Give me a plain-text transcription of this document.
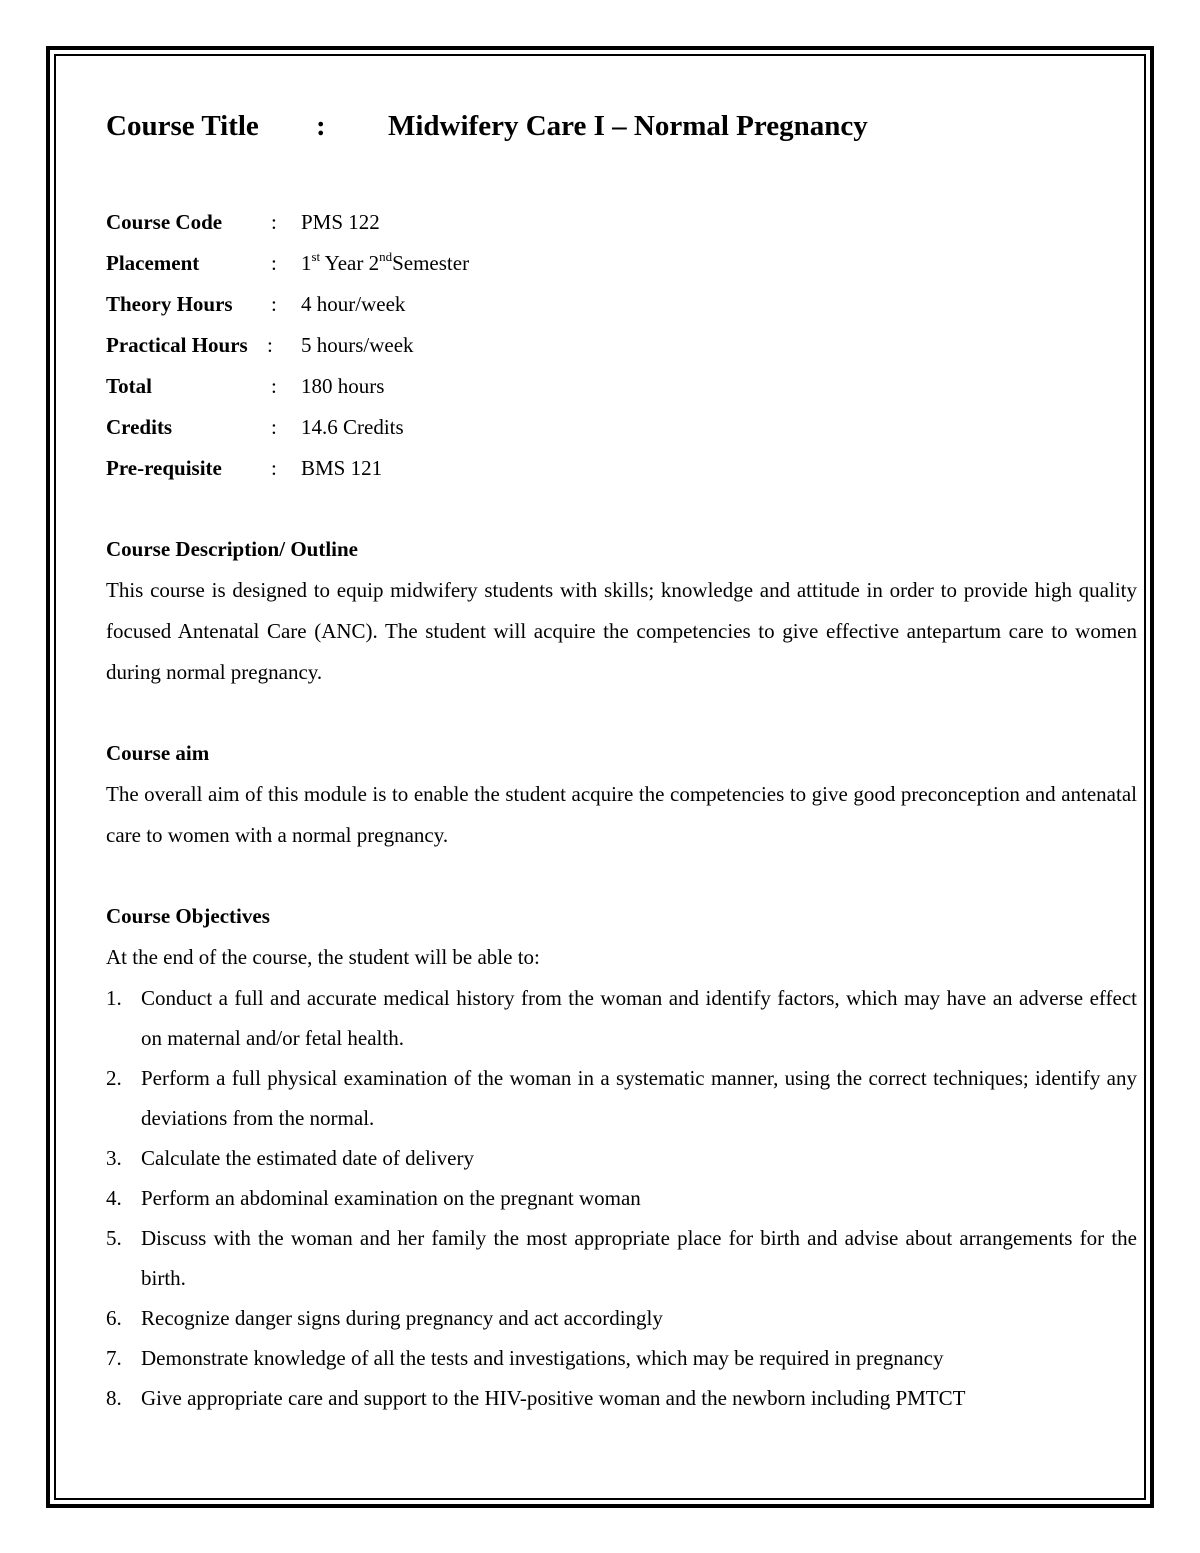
Course Title : Midwifery Care I – Normal Pregnancy
Course Code : PMS 122
Placement	: 1st Year 2ndSemester
Theory Hours : 4 hour/week
Practical Hours : 5 hours/week
Total	: 180 hours
Credits	: 14.6 Credits
Pre-requisite : BMS 121
Course Description/ Outline

This course is designed to equip midwifery students with skills; knowledge and attitude in order to provide high quality focused Antenatal Care (ANC). The student will acquire the competencies to give effective antepartum care to women during normal pregnancy.

Course aim

The overall aim of this module is to enable the student acquire the competencies to give good preconception and antenatal care to women with a normal pregnancy.

Course Objectives

At the end of the course, the student will be able to:

1. Conduct a full and accurate medical history from the woman and identify factors, which may have an adverse effect on maternal and/or fetal health.
2. Perform a full physical examination of the woman in a systematic manner, using the correct techniques; identify any deviations from the normal.
3. Calculate the estimated date of delivery
4. Perform an abdominal examination on the pregnant woman
5. Discuss with the woman and her family the most appropriate place for birth and advise about arrangements for the birth.
6. Recognize danger signs during pregnancy and act accordingly
7. Demonstrate knowledge of all the tests and investigations, which may be required in pregnancy
8. Give appropriate care and support to the HIV-positive woman and the newborn including PMTCT
